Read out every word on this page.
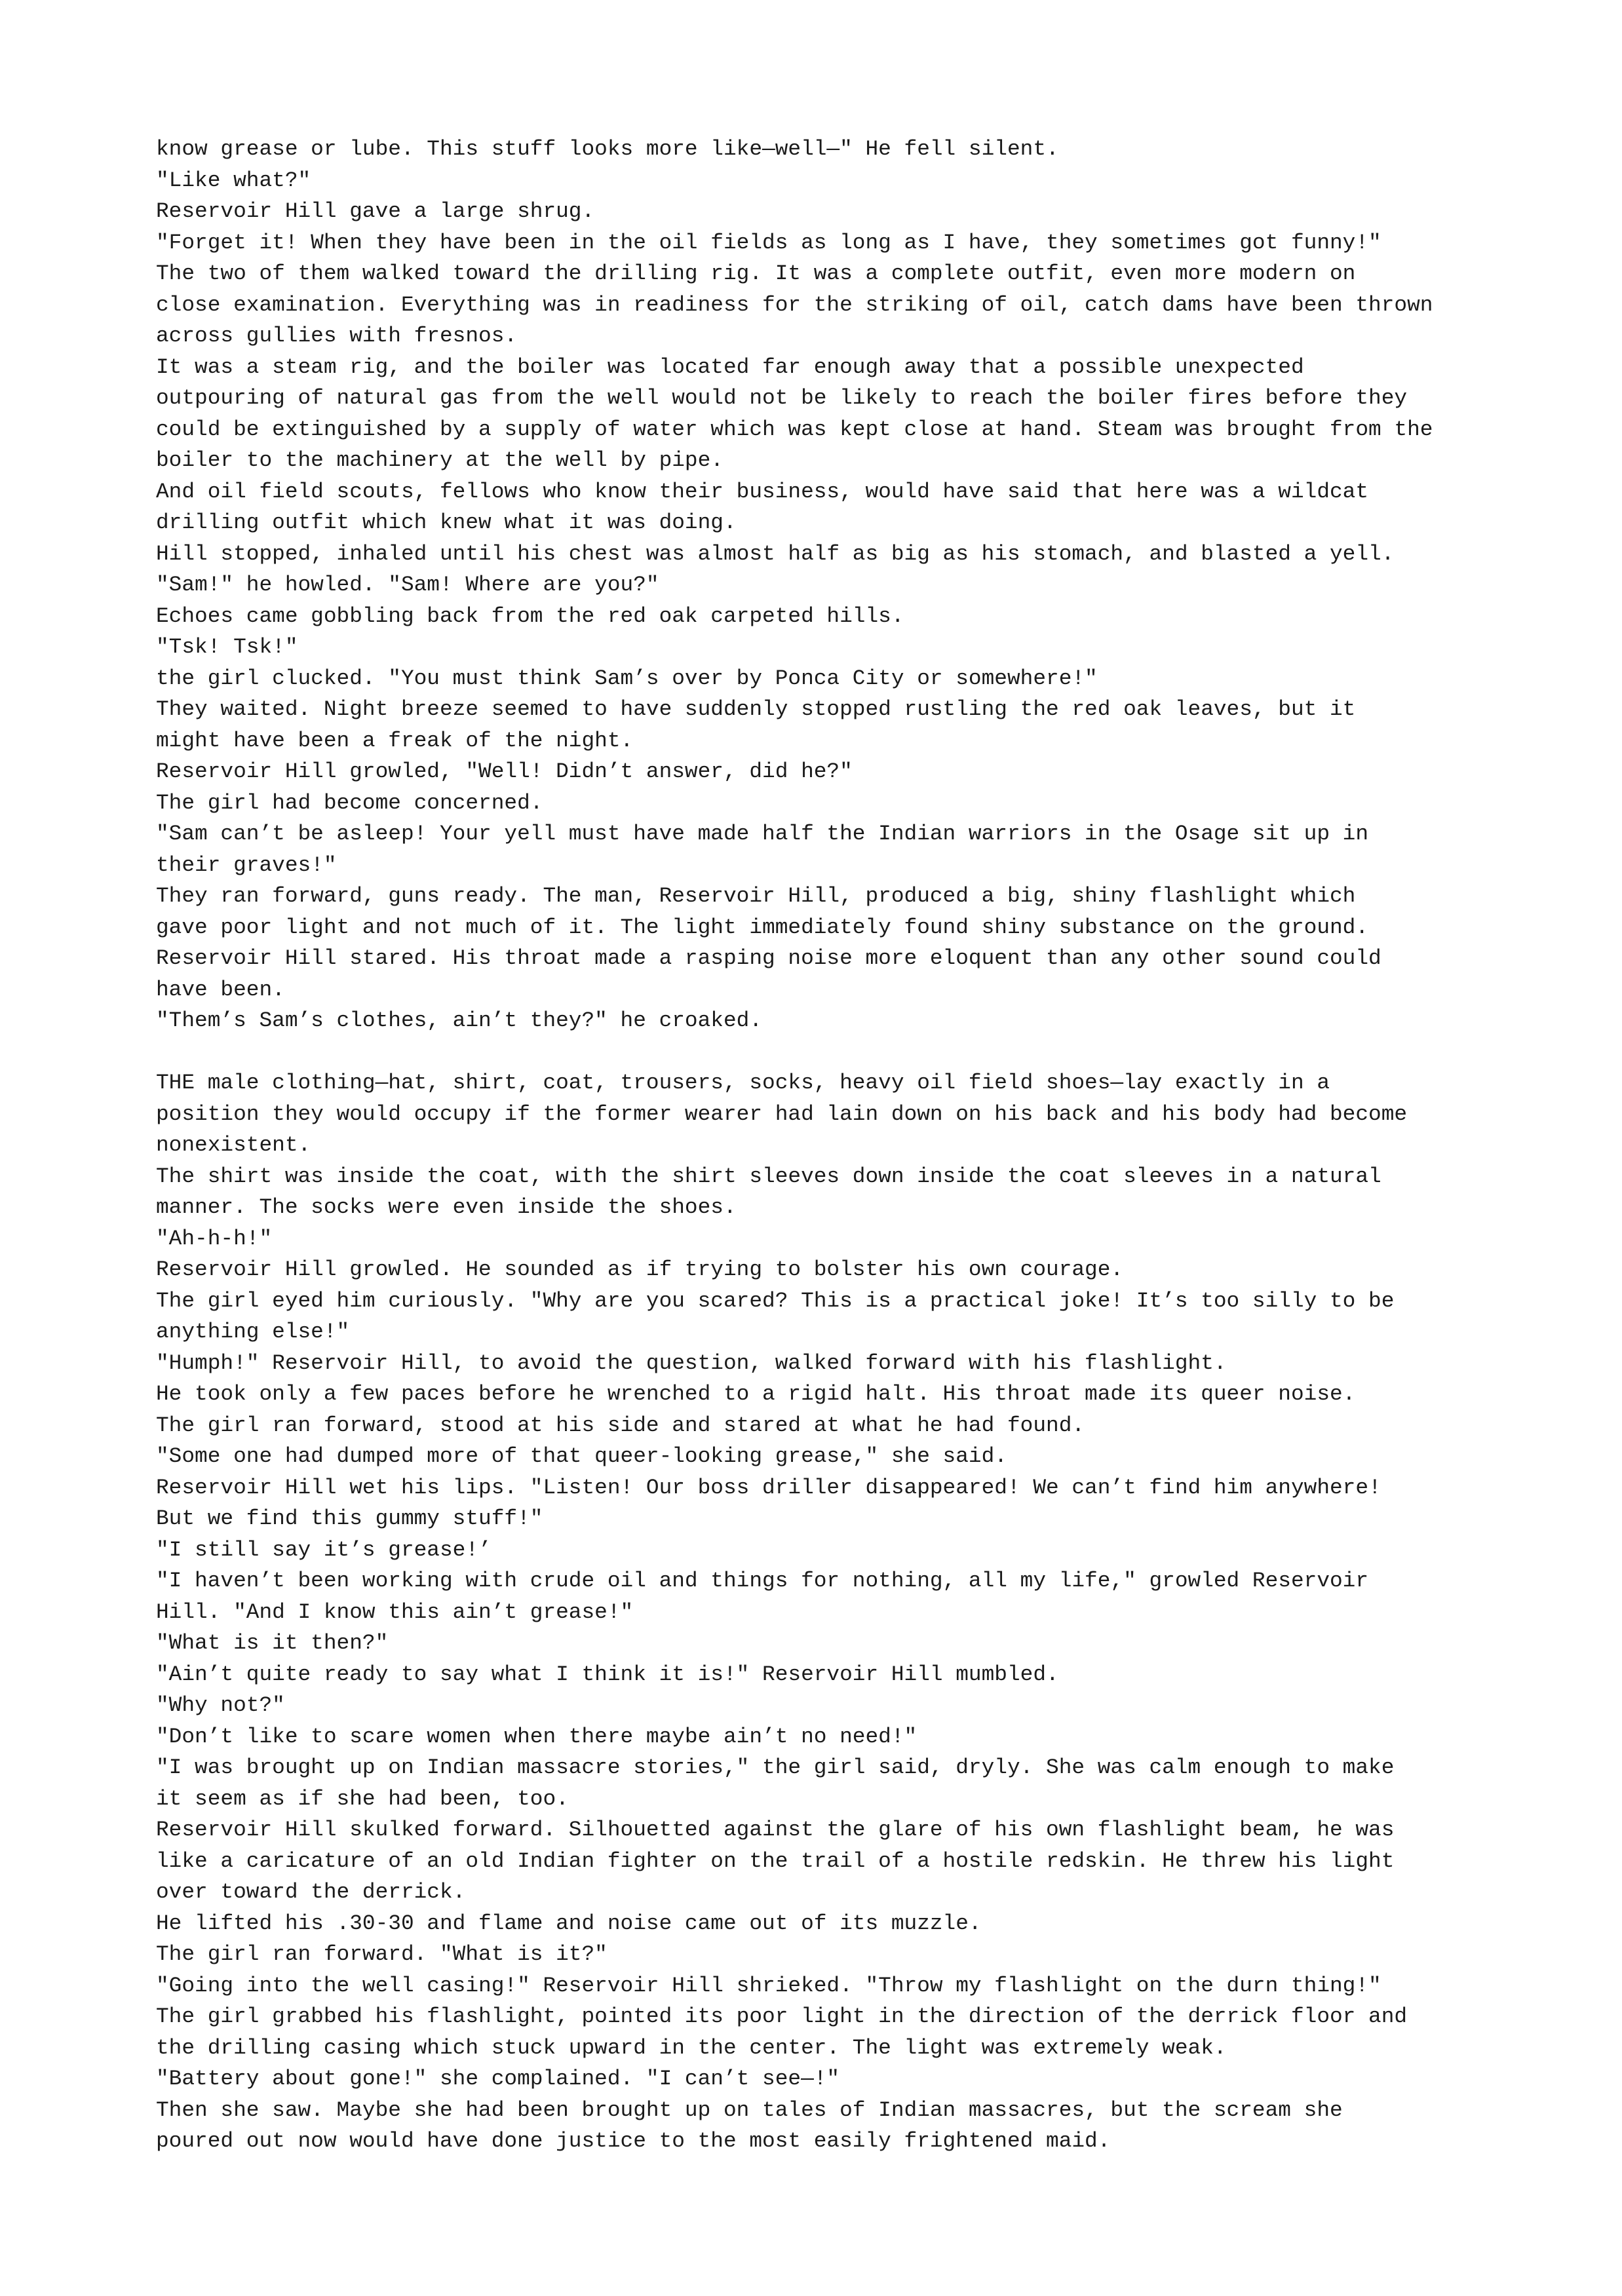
know grease or lube. This stuff looks more like—well—" He fell silent.

"Like what?"

Reservoir Hill gave a large shrug.

"Forget it! When they have been in the oil fields as long as I have, they sometimes got funny!"

The two of them walked toward the drilling rig. It was a complete outfit, even more modern on
close examination. Everything was in readiness for the striking of oil, catch dams have been thrown
across gullies with fresnos.

It was a steam rig, and the boiler was located far enough away that a possible unexpected
outpouring of natural gas from the well would not be likely to reach the boiler fires before they
could be extinguished by a supply of water which was kept close at hand. Steam was brought from the
boiler to the machinery at the well by pipe.

And oil field scouts, fellows who know their business, would have said that here was a wildcat
drilling outfit which knew what it was doing.

Hill stopped, inhaled until his chest was almost half as big as his stomach, and blasted a yell.

"Sam!" he howled. "Sam! Where are you?"

Echoes came gobbling back from the red oak carpeted hills.

"Tsk! Tsk!"

the girl clucked. "You must think Sam’s over by Ponca City or somewhere!"

They waited. Night breeze seemed to have suddenly stopped rustling the red oak leaves, but it
might have been a freak of the night.

Reservoir Hill growled, "Well! Didn’t answer, did he?"

The girl had become concerned.

"Sam can’t be asleep! Your yell must have made half the Indian warriors in the Osage sit up in
their graves!"

They ran forward, guns ready. The man, Reservoir Hill, produced a big, shiny flashlight which
gave poor light and not much of it. The light immediately found shiny substance on the ground.

Reservoir Hill stared. His throat made a rasping noise more eloquent than any other sound could
have been.

"Them’s Sam’s clothes, ain’t they?" he croaked.

THE male clothing—hat, shirt, coat, trousers, socks, heavy oil field shoes—lay exactly in a
position they would occupy if the former wearer had lain down on his back and his body had become
nonexistent.

The shirt was inside the coat, with the shirt sleeves down inside the coat sleeves in a natural
manner. The socks were even inside the shoes.

"Ah-h-h!"

Reservoir Hill growled. He sounded as if trying to bolster his own courage.

The girl eyed him curiously. "Why are you scared? This is a practical joke! It’s too silly to be
anything else!"

"Humph!" Reservoir Hill, to avoid the question, walked forward with his flashlight.

He took only a few paces before he wrenched to a rigid halt. His throat made its queer noise.

The girl ran forward, stood at his side and stared at what he had found.

"Some one had dumped more of that queer-looking grease," she said.

Reservoir Hill wet his lips. "Listen! Our boss driller disappeared! We can’t find him anywhere!
But we find this gummy stuff!"

"I still say it’s grease!’

"I haven’t been working with crude oil and things for nothing, all my life," growled Reservoir
Hill. "And I know this ain’t grease!"

"What is it then?"

"Ain’t quite ready to say what I think it is!" Reservoir Hill mumbled.

"Why not?"

"Don’t like to scare women when there maybe ain’t no need!"

"I was brought up on Indian massacre stories," the girl said, dryly. She was calm enough to make
it seem as if she had been, too.

Reservoir Hill skulked forward. Silhouetted against the glare of his own flashlight beam, he was
like a caricature of an old Indian fighter on the trail of a hostile redskin. He threw his light
over toward the derrick.

He lifted his .30-30 and flame and noise came out of its muzzle.

The girl ran forward. "What is it?"

"Going into the well casing!" Reservoir Hill shrieked. "Throw my flashlight on the durn thing!"

The girl grabbed his flashlight, pointed its poor light in the direction of the derrick floor and
the drilling casing which stuck upward in the center. The light was extremely weak.

"Battery about gone!" she complained. "I can’t see—!"

Then she saw. Maybe she had been brought up on tales of Indian massacres, but the scream she
poured out now would have done justice to the most easily frightened maid.
